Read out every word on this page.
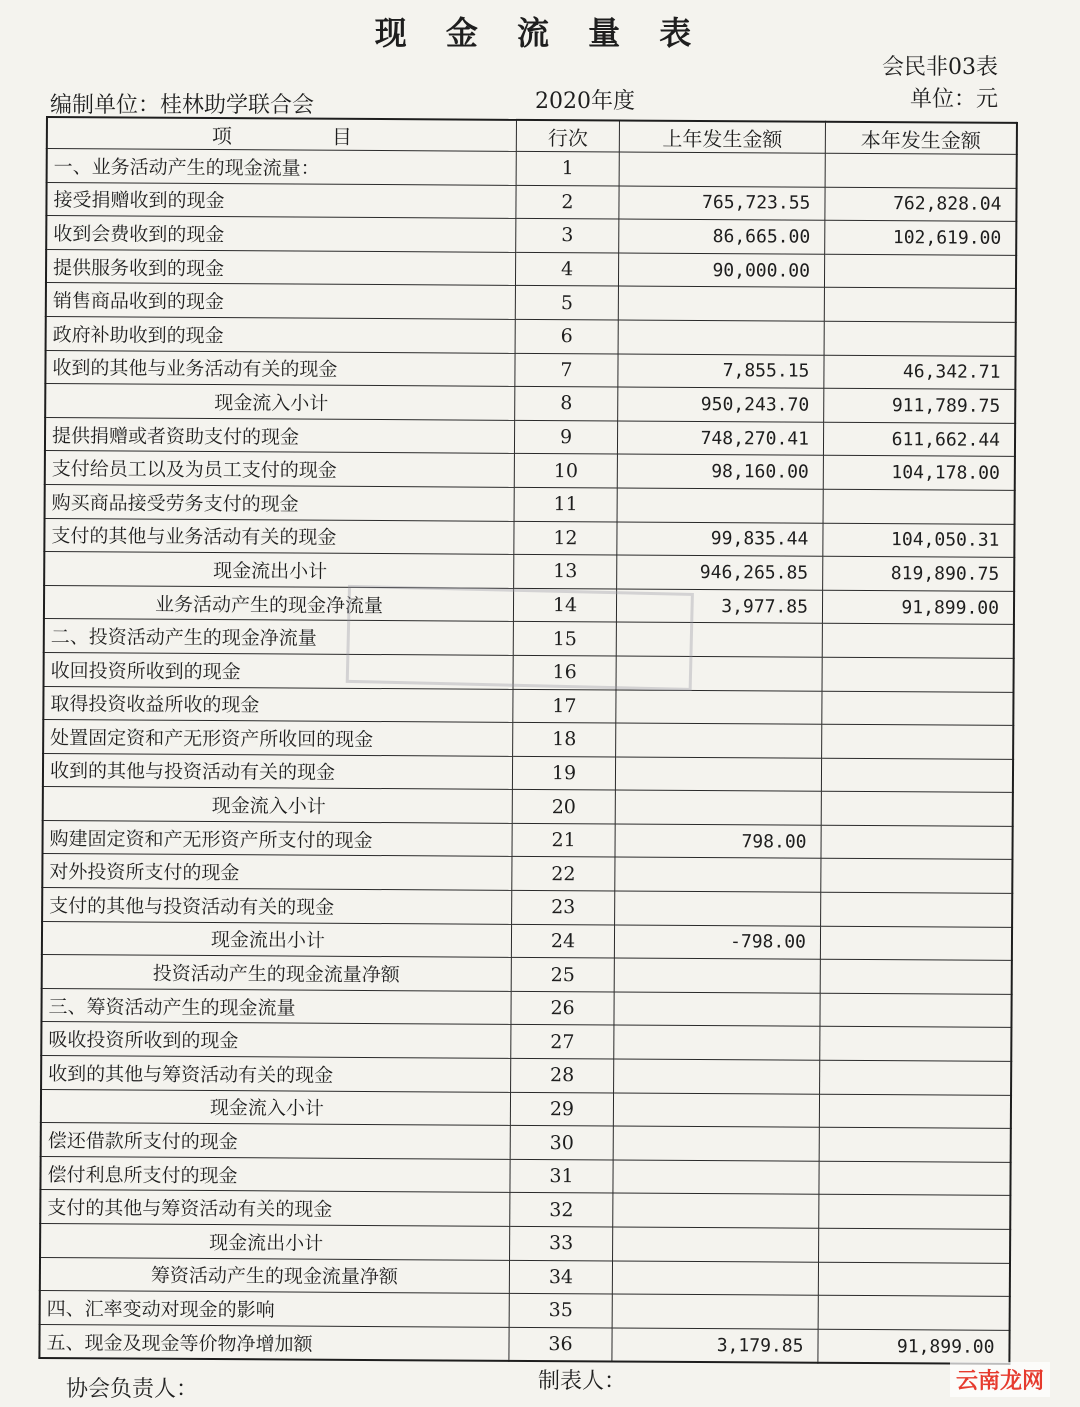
现 金 流 量 表
会民非03表
单位：元
编制单位：桂林助学联合会	2020年度
项　　　　　目	行次	上年发生金额	本年发生金额
一、业务活动产生的现金流量：	1		
接受捐赠收到的现金	2	765,723.55	762,828.04
收到会费收到的现金	3	86,665.00	102,619.00
提供服务收到的现金	4	90,000.00	
销售商品收到的现金	5		
政府补助收到的现金	6		
收到的其他与业务活动有关的现金	7	7,855.15	46,342.71
现金流入小计	8	950,243.70	911,789.75
提供捐赠或者资助支付的现金	9	748,270.41	611,662.44
支付给员工以及为员工支付的现金	10	98,160.00	104,178.00
购买商品接受劳务支付的现金	11		
支付的其他与业务活动有关的现金	12	99,835.44	104,050.31
现金流出小计	13	946,265.85	819,890.75
业务活动产生的现金净流量	14	3,977.85	91,899.00
二、投资活动产生的现金净流量	15		
收回投资所收到的现金	16		
取得投资收益所收的现金	17		
处置固定资和产无形资产所收回的现金	18		
收到的其他与投资活动有关的现金	19		
现金流入小计	20		
购建固定资和产无形资产所支付的现金	21	798.00	
对外投资所支付的现金	22		
支付的其他与投资活动有关的现金	23		
现金流出小计	24	-798.00	
投资活动产生的现金流量净额	25		
三、筹资活动产生的现金流量	26		
吸收投资所收到的现金	27		
收到的其他与筹资活动有关的现金	28		
现金流入小计	29		
偿还借款所支付的现金	30		
偿付利息所支付的现金	31		
支付的其他与筹资活动有关的现金	32		
现金流出小计	33		
筹资活动产生的现金流量净额	34		
四、汇率变动对现金的影响	35		
五、现金及现金等价物净增加额	36	3,179.85	91,899.00
协会负责人：	制表人：	云南龙网
